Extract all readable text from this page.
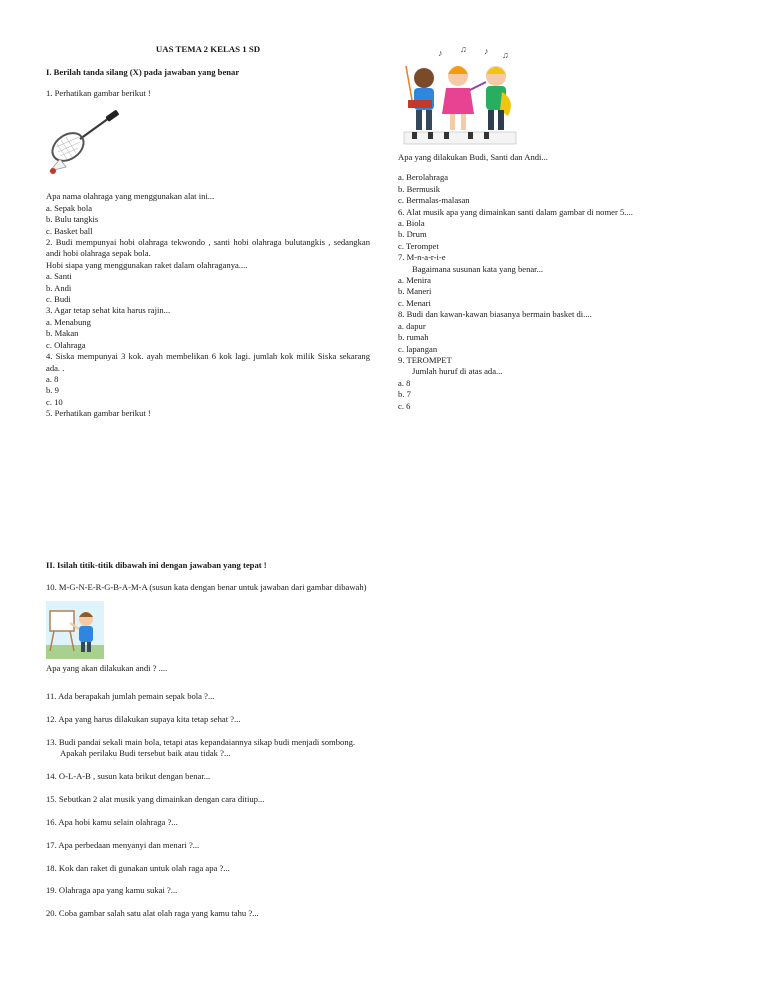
UAS TEMA 2 KELAS 1 SD
I. Berilah tanda silang (X) pada jawaban yang benar
1. Perhatikan gambar berikut !
Apa nama olahraga yang menggunakan alat ini...
a. Sepak bola
b. Bulu tangkis
c. Basket ball
2. Budi mempunyai hobi olahraga tekwondo , santi hobi olahraga bulutangkis , sedangkan andi hobi olahraga sepak bola.
Hobi siapa yang menggunakan raket dalam olahraganya....
a. Santi
b. Andi
c. Budi
3. Agar tetap sehat kita harus rajin...
a. Menabung
b. Makan
c. Olahraga
4. Siska mempunyai 3 kok. ayah membelikan 6 kok lagi. jumlah kok milik Siska sekarang ada. .
a. 8
b. 9
c. 10
5. Perhatikan gambar berikut !
♪ ♫ ♪ ♫
Apa yang dilakukan Budi, Santi dan Andi...
a. Berolahraga
b. Bermusik
c. Bermalas-malasan
6. Alat musik apa yang dimainkan santi dalam gambar di nomer 5....
a. Biola
b. Drum
c. Terompet
7. M-n-a-r-i-e
Bagaimana susunan kata yang benar...
a. Menira
b. Maneri
c. Menari
8. Budi dan kawan-kawan biasanya bermain basket di....
a. dapur
b. rumah
c. lapangan
9. TEROMPET
Jumlah huruf di atas ada...
a. 8
b. 7
c. 6
II. Isilah titik-titik dibawah ini dengan jawaban yang tepat !
10. M-G-N-E-R-G-B-A-M-A (susun kata dengan benar untuk jawaban dari gambar dibawah)
Apa yang akan dilakukan andi ? ....
11. Ada berapakah jumlah pemain sepak bola ?...
12. Apa yang harus dilakukan supaya kita tetap sehat ?...
13. Budi pandai sekali main bola, tetapi atas kepandaiannya sikap budi menjadi sombong.
Apakah perilaku Budi tersebut baik atau tidak ?...
14. O-L-A-B , susun kata brikut dengan benar...
15. Sebutkan 2 alat musik yang dimainkan dengan cara ditiup...
16. Apa hobi kamu selain olahraga ?...
17. Apa perbedaan menyanyi dan menari ?...
18. Kok dan raket di gunakan untuk olah raga apa ?...
19. Olahraga apa yang kamu sukai ?...
20. Coba gambar salah satu alat olah raga yang kamu tahu ?...
